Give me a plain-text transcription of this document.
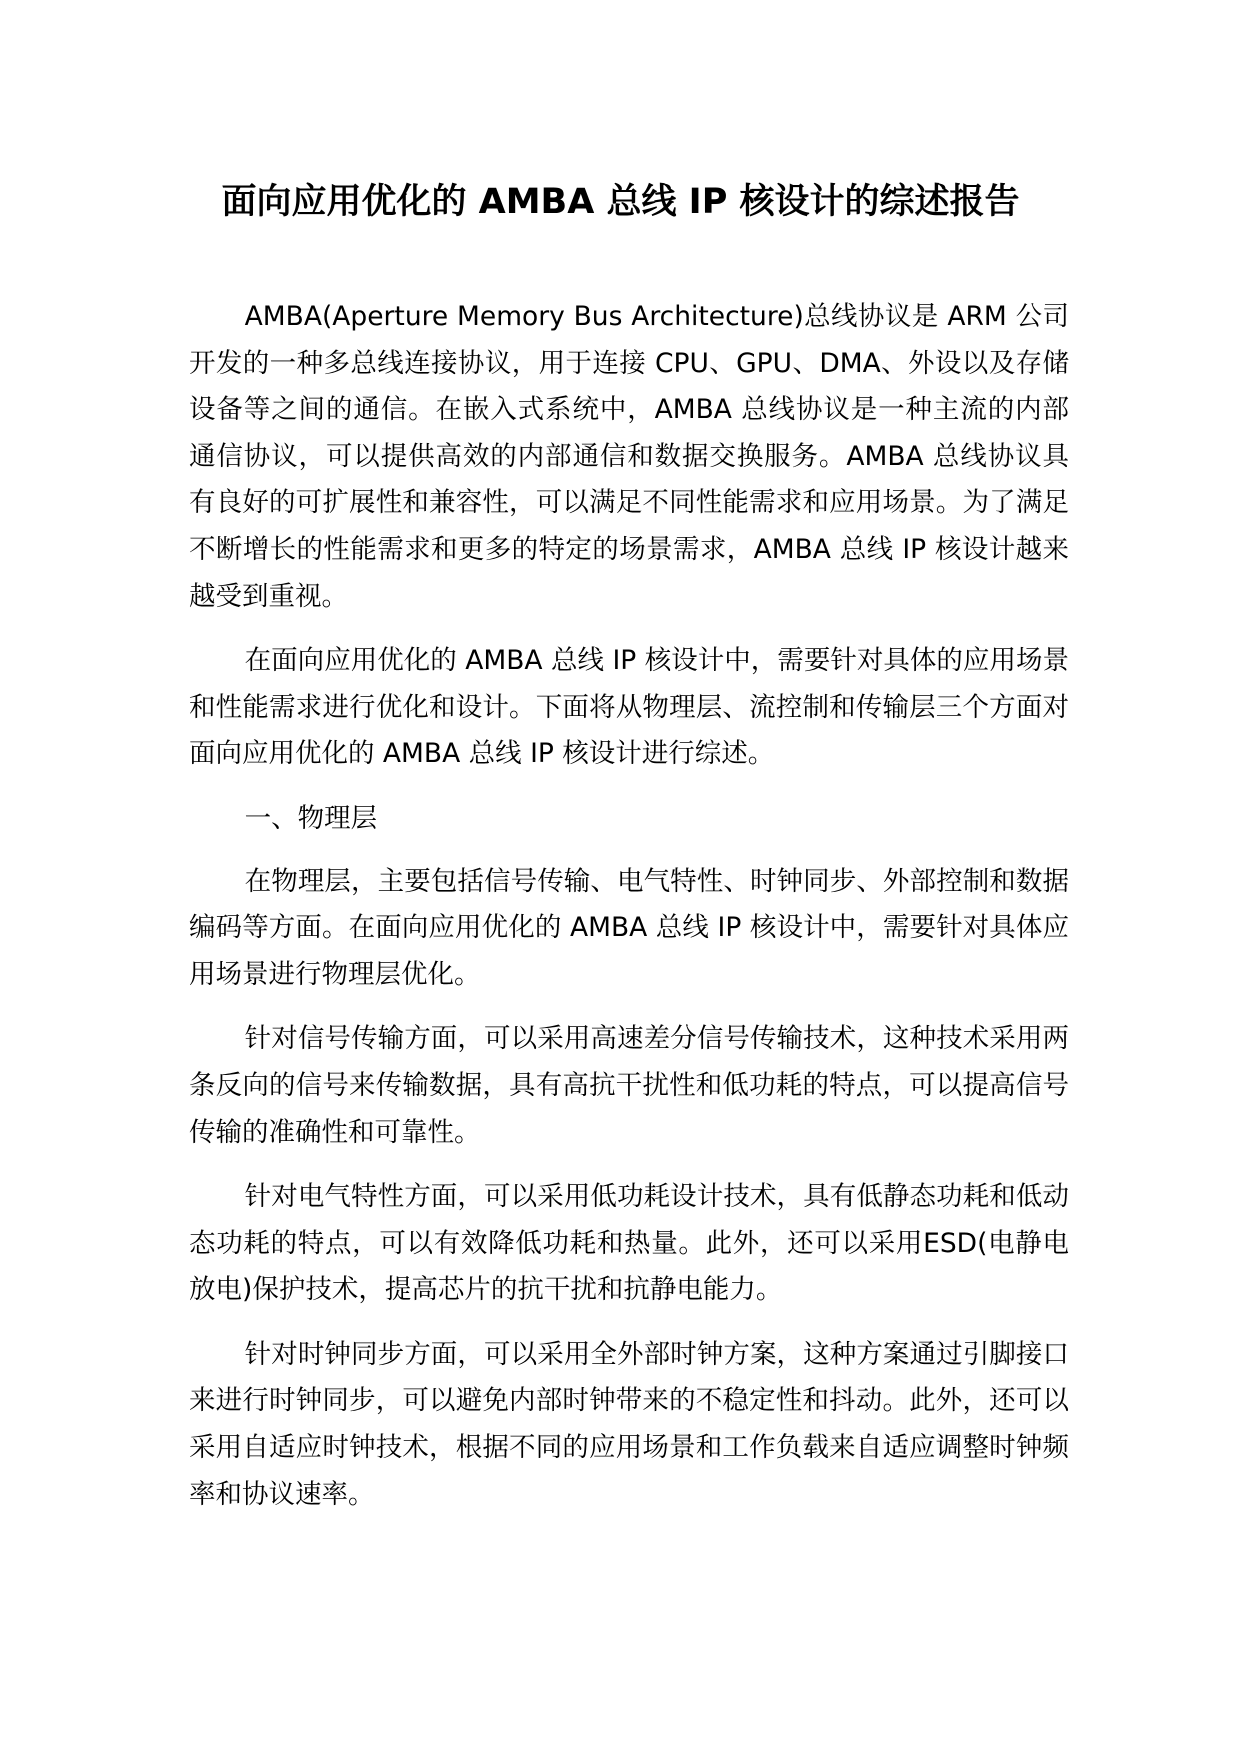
面向应用优化的 AMBA 总线 IP 核设计的综述报告

AMBA(Aperture Memory Bus Architecture)总线协议是 ARM 公司开发的一种多总线连接协议，用于连接 CPU、GPU、DMA、外设以及存储设备等之间的通信。在嵌入式系统中，AMBA 总线协议是一种主流的内部通信协议，可以提供高效的内部通信和数据交换服务。AMBA 总线协议具有良好的可扩展性和兼容性，可以满足不同性能需求和应用场景。为了满足不断增长的性能需求和更多的特定的场景需求，AMBA 总线 IP 核设计越来越受到重视。

在面向应用优化的 AMBA 总线 IP 核设计中，需要针对具体的应用场景和性能需求进行优化和设计。下面将从物理层、流控制和传输层三个方面对面向应用优化的 AMBA 总线 IP 核设计进行综述。

一、物理层

在物理层，主要包括信号传输、电气特性、时钟同步、外部控制和数据编码等方面。在面向应用优化的 AMBA 总线 IP 核设计中，需要针对具体应用场景进行物理层优化。

针对信号传输方面，可以采用高速差分信号传输技术，这种技术采用两条反向的信号来传输数据，具有高抗干扰性和低功耗的特点，可以提高信号传输的准确性和可靠性。

针对电气特性方面，可以采用低功耗设计技术，具有低静态功耗和低动态功耗的特点，可以有效降低功耗和热量。此外，还可以采用ESD(电静电放电)保护技术，提高芯片的抗干扰和抗静电能力。

针对时钟同步方面，可以采用全外部时钟方案，这种方案通过引脚接口来进行时钟同步，可以避免内部时钟带来的不稳定性和抖动。此外，还可以采用自适应时钟技术，根据不同的应用场景和工作负载来自适应调整时钟频率和协议速率。
